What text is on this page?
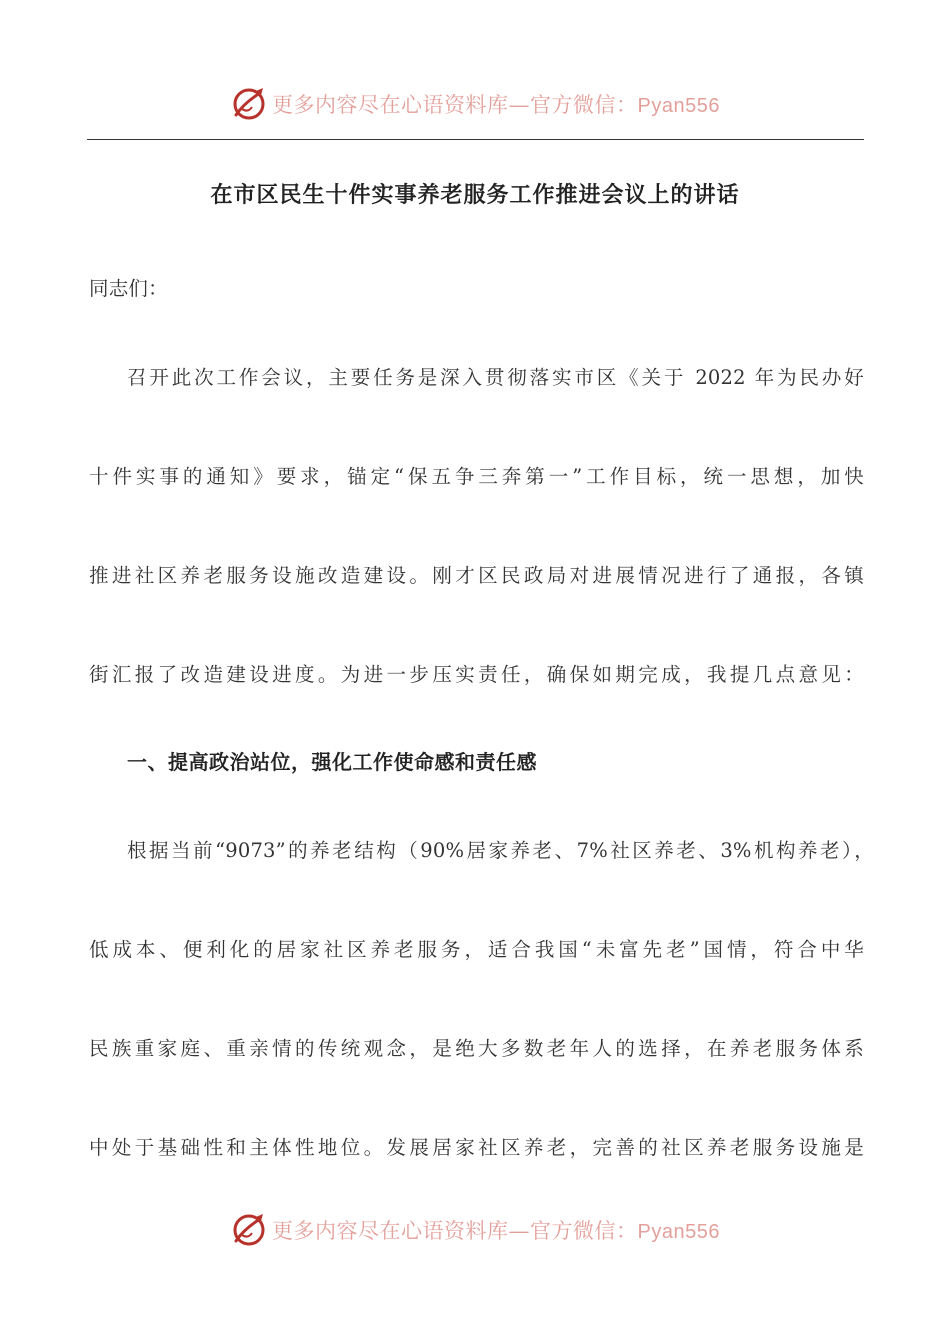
更多内容尽在心语资料库—官方微信：Pyan556
在市区民生十件实事养老服务工作推进会议上的讲话
同志们：
召开此次工作会议，主要任务是深入贯彻落实市区《关于 2022 年为民办好
十件实事的通知》要求，锚定“保五争三奔第一”工作目标，统一思想，加快
推进社区养老服务设施改造建设。刚才区民政局对进展情况进行了通报，各镇
街汇报了改造建设进度。为进一步压实责任，确保如期完成，我提几点意见：
一、提高政治站位，强化工作使命感和责任感
根据当前“9073”的养老结构（90%居家养老、7%社区养老、3%机构养老），
低成本、便利化的居家社区养老服务，适合我国“未富先老”国情，符合中华
民族重家庭、重亲情的传统观念，是绝大多数老年人的选择，在养老服务体系
中处于基础性和主体性地位。发展居家社区养老，完善的社区养老服务设施是
更多内容尽在心语资料库—官方微信：Pyan556
